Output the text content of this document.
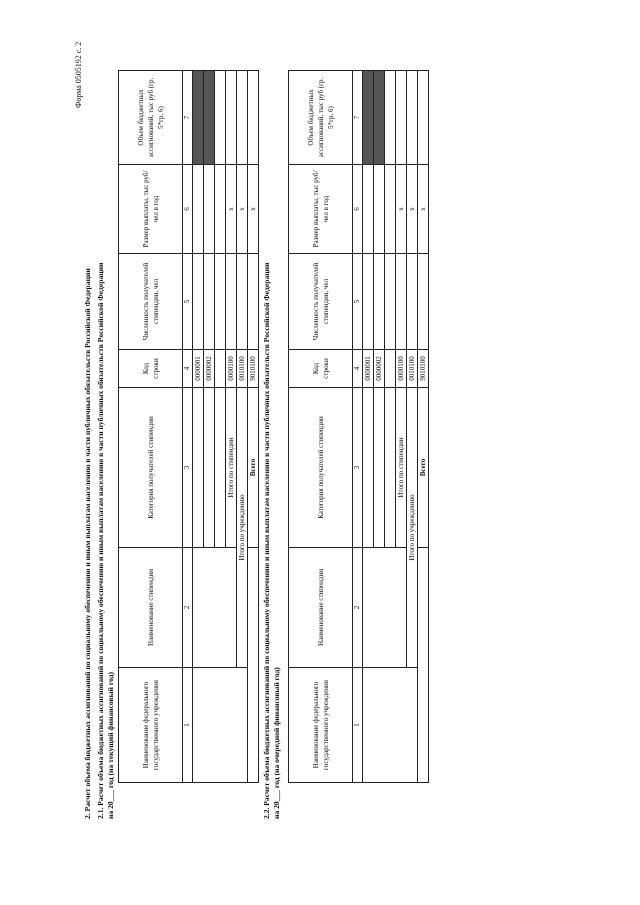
Форма 0505192 с. 2
2. Расчет объема бюджетных ассигнований по социальному обеспечению и иным выплатам населению в части публичных обязательств Российской Федерации 2.1. Расчет объема бюджетных ассигнований по социальному обеспечению и иным выплатам населению в части публичных обязательств Российской Федерации на 20___ год (на текущий финансовый год)	Наименование федерального государственного учреждения	Наименование стипендии	Категория получателей стипендии	Код строки	Численность получателей стипендии, чел	Размер выплаты, тыс руб/чел в год	Объем бюджетных ассигнований, тыс руб (гр. 5*гр. 6)
1	2	3	4	5	6	7
			0000001			
			0000002			

		Итого по стипендии	0000100		х	
	Итого по учреждению		0010100		х	
		Всего	9010100		х	
2.2. Расчет объема бюджетных ассигнований по социальному обеспечению и иным выплатам населению в части публичных обязательств Российской Федерации на 20___ год (на очередной финансовый год)	Наименование федерального государственного учреждения	Наименование стипендии	Категория получателей стипендии	Код строки	Численность получателей стипендии, чел	Размер выплаты, тыс руб/чел в год	Объем бюджетных ассигнований, тыс руб (гр. 5*гр. 6)
1	2	3	4	5	6	7
			0000001			
			0000002			

		Итого по стипендии	0000100		х	
	Итого по учреждению		0010100		х	
		Всего	9010100		х	
